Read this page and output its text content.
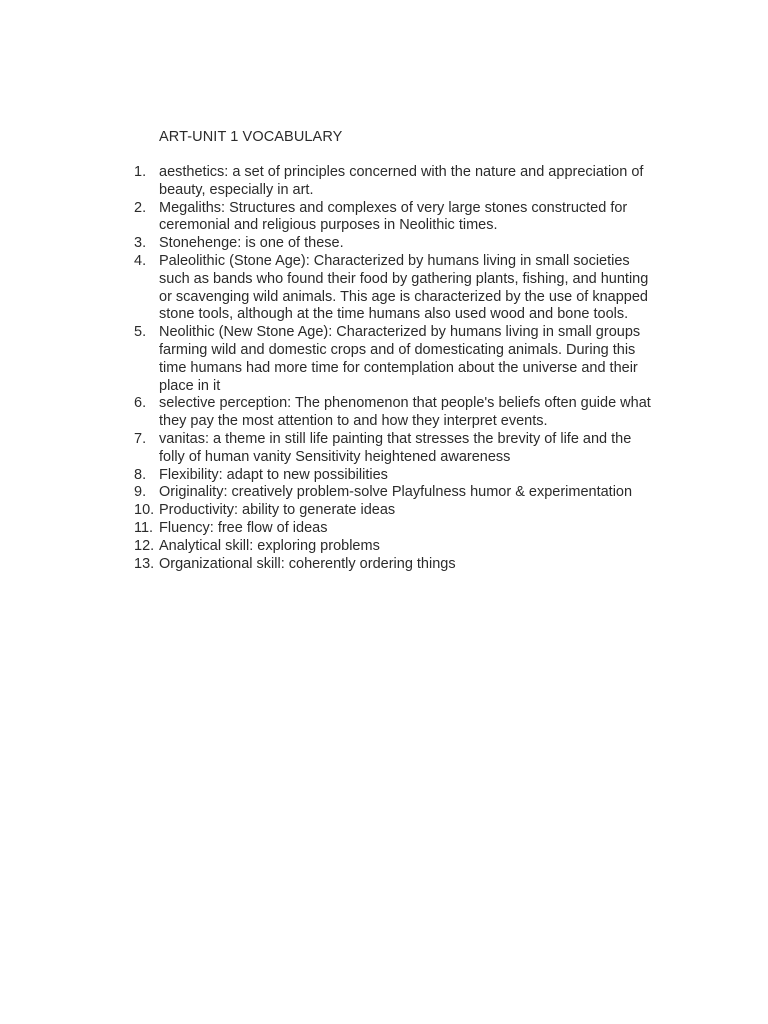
ART-UNIT 1 VOCABULARY
1. aesthetics: a set of principles concerned with the nature and appreciation of
beauty, especially in art.
2. Megaliths: Structures and complexes of very large stones constructed for
ceremonial and religious purposes in Neolithic times.
3. Stonehenge: is one of these.
4. Paleolithic (Stone Age): Characterized by humans living in small societies
such as bands who found their food by gathering plants, fishing, and hunting
or scavenging wild animals. This age is characterized by the use of knapped
stone tools, although at the time humans also used wood and bone tools.
5. Neolithic (New Stone Age): Characterized by humans living in small groups
farming wild and domestic crops and of domesticating animals. During this
time humans had more time for contemplation about the universe and their
place in it
6. selective perception: The phenomenon that people's beliefs often guide what
they pay the most attention to and how they interpret events.
7. vanitas: a theme in still life painting that stresses the brevity of life and the
folly of human vanity Sensitivity heightened awareness
8. Flexibility: adapt to new possibilities
9. Originality: creatively problem-solve Playfulness humor & experimentation
10. Productivity: ability to generate ideas
11. Fluency: free flow of ideas
12. Analytical skill: exploring problems
13. Organizational skill: coherently ordering things
